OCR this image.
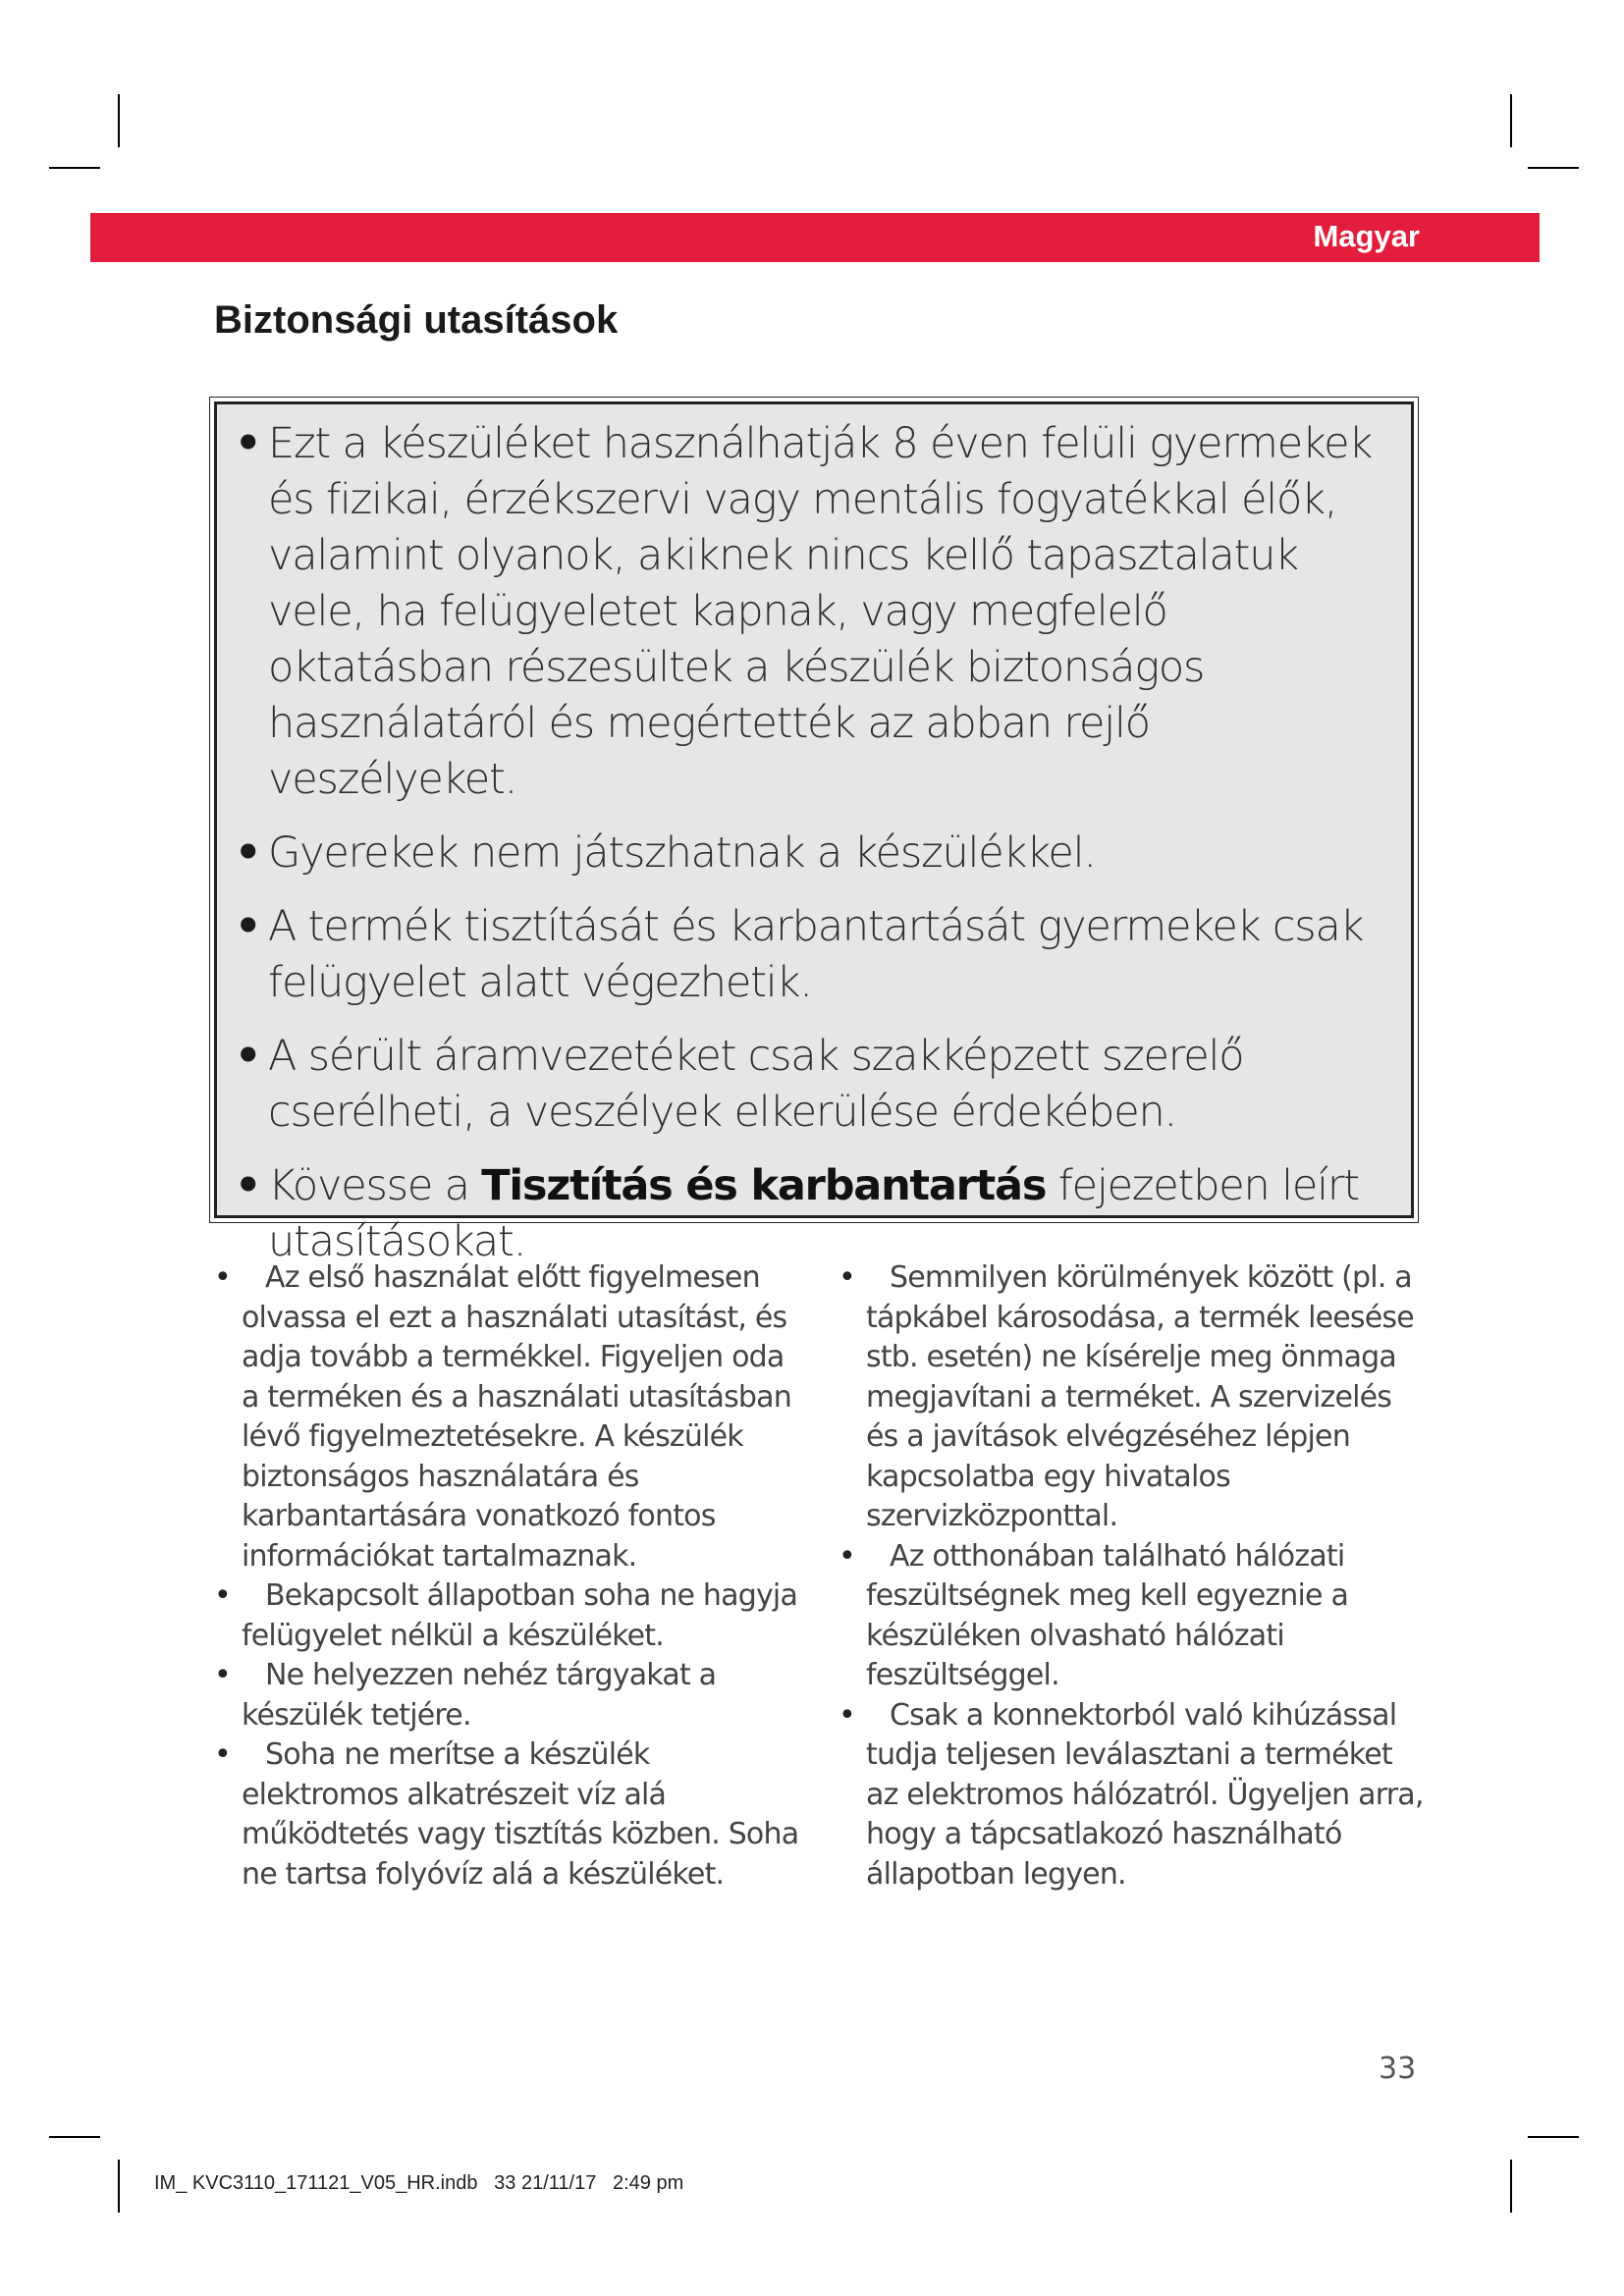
Magyar
Biztonsági utasítások
• Ezt a készüléket használhatják 8 éven felüli gyermekek és fizikai, érzékszervi vagy mentális fogyatékkal élők, valamint olyanok, akiknek nincs kellő tapasztalatuk vele, ha felügyeletet kapnak, vagy megfelelő oktatásban részesültek a készülék biztonságos használatáról és megértették az abban rejlő veszélyeket.
• Gyerekek nem játszhatnak a készülékkel.
• A termék tisztítását és karbantartását gyermekek csak felügyelet alatt végezhetik.
• A sérült áramvezetéket csak szakképzett szerelő cserélheti, a veszélyek elkerülése érdekében.
• Kövesse a Tisztítás és karbantartás fejezetben leírt utasításokat.
• Az első használat előtt figyelmesen olvassa el ezt a használati utasítást, és adja tovább a termékkel. Figyeljen oda a terméken és a használati utasításban lévő figyelmeztetésekre. A készülék biztonságos használatára és karbantartására vonatkozó fontos információkat tartalmaznak.
• Bekapcsolt állapotban soha ne hagyja felügyelet nélkül a készüléket.
• Ne helyezzen nehéz tárgyakat a készülék tetjére.
• Soha ne merítse a készülék elektromos alkatrészeit víz alá működtetés vagy tisztítás közben. Soha ne tartsa folyóvíz alá a készüléket.
• Semmilyen körülmények között (pl. a tápkábel károsodása, a termék leesése stb. esetén) ne kísérelje meg önmaga megjavítani a terméket. A szervizelés és a javítások elvégzéséhez lépjen kapcsolatba egy hivatalos szervizközponttal.
• Az otthonában található hálózati feszültségnek meg kell egyeznie a készüléken olvasható hálózati feszültséggel.
• Csak a konnektorból való kihúzással tudja teljesen leválasztani a terméket az elektromos hálózatról. Ügyeljen arra, hogy a tápcsatlakozó használható állapotban legyen.
33
IM_ KVC3110_171121_V05_HR.indb   33 21/11/17   2:49 pm
